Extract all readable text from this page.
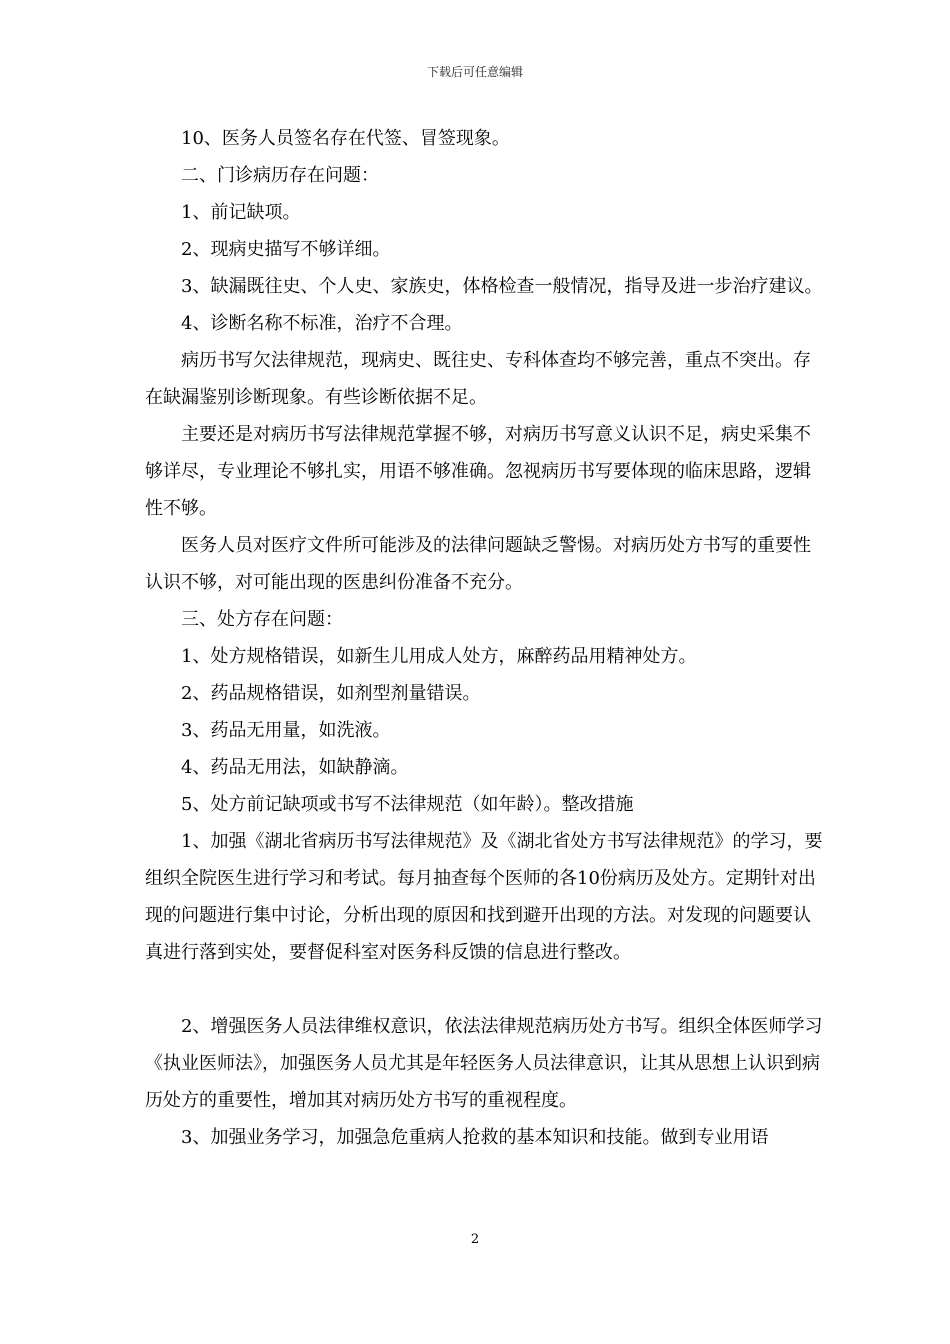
下载后可任意编辑

10、医务人员签名存在代签、冒签现象。

二、门诊病历存在问题：

1、前记缺项。

2、现病史描写不够详细。

3、缺漏既往史、个人史、家族史，体格检查一般情况，指导及进一步治疗建议。

4、诊断名称不标准，治疗不合理。

病历书写欠法律规范，现病史、既往史、专科体查均不够完善，重点不突出。存在缺漏鉴别诊断现象。有些诊断依据不足。

主要还是对病历书写法律规范掌握不够，对病历书写意义认识不足，病史采集不够详尽，专业理论不够扎实，用语不够准确。忽视病历书写要体现的临床思路，逻辑性不够。

医务人员对医疗文件所可能涉及的法律问题缺乏警惕。对病历处方书写的重要性认识不够，对可能出现的医患纠份准备不充分。

三、处方存在问题：

1、处方规格错误，如新生儿用成人处方，麻醉药品用精神处方。

2、药品规格错误，如剂型剂量错误。

3、药品无用量，如洗液。

4、药品无用法，如缺静滴。

5、处方前记缺项或书写不法律规范（如年龄）。整改措施

1、加强《湖北省病历书写法律规范》及《湖北省处方书写法律规范》的学习，要组织全院医生进行学习和考试。每月抽查每个医师的各10份病历及处方。定期针对出现的问题进行集中讨论，分析出现的原因和找到避开出现的方法。对发现的问题要认真进行落到实处，要督促科室对医务科反馈的信息进行整改。

2、增强医务人员法律维权意识，依法法律规范病历处方书写。组织全体医师学习《执业医师法》，加强医务人员尤其是年轻医务人员法律意识，让其从思想上认识到病历处方的重要性，增加其对病历处方书写的重视程度。

3、加强业务学习，加强急危重病人抢救的基本知识和技能。做到专业用语

2
